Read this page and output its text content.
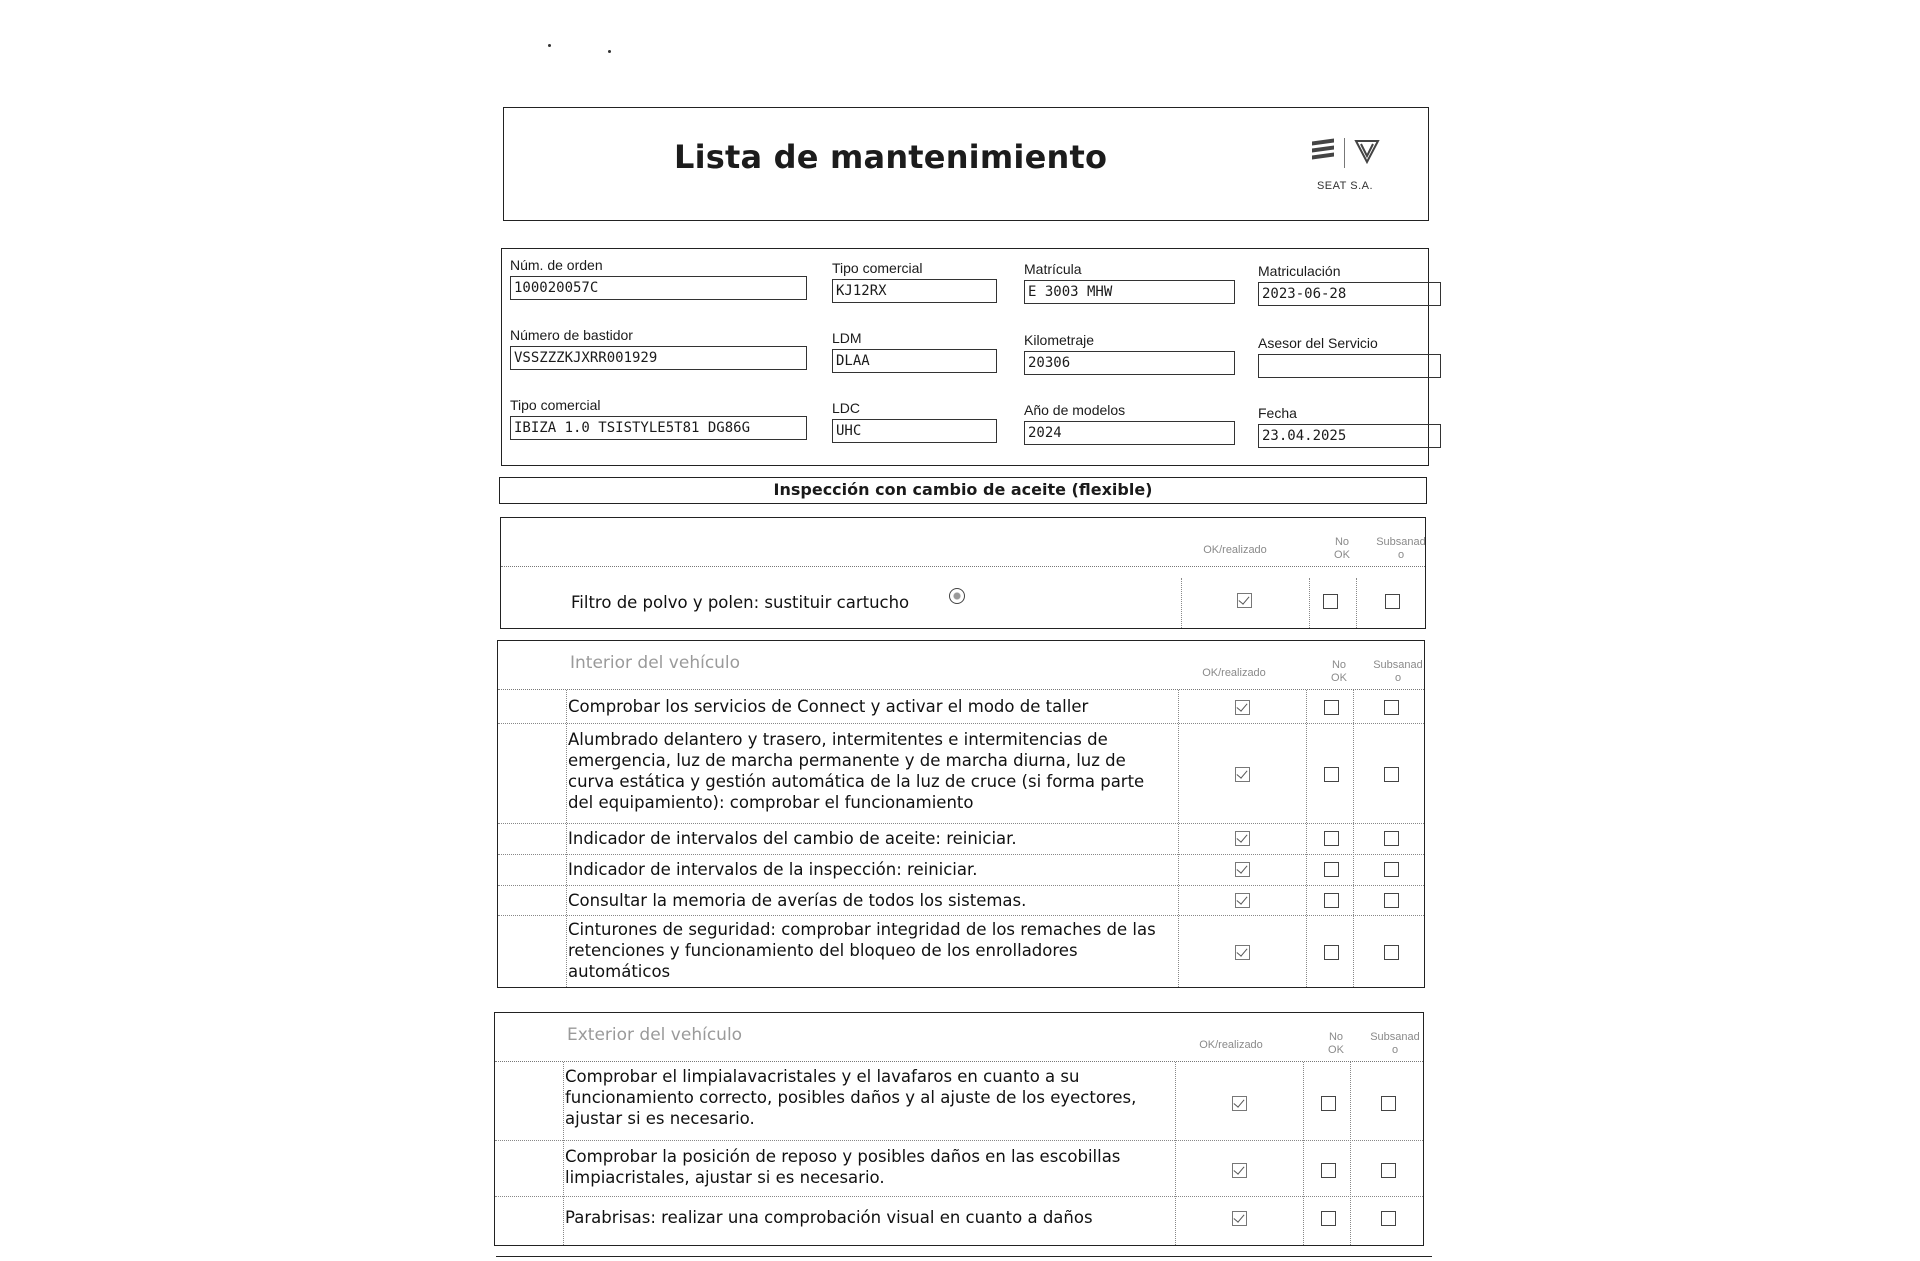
Lista de mantenimiento
SEAT S.A.
Núm. de orden
100020057C
Tipo comercial
KJ12RX
Matrícula
E 3003 MHW
Matriculación
2023-06-28
Número de bastidor
VSSZZZKJXRR001929
LDM
DLAA
Kilometraje
20306
Asesor del Servicio
Tipo comercial
IBIZA 1.0 TSISTYLE5T81 DG86G
LDC
UHC
Año de modelos
2024
Fecha
23.04.2025
Inspección con cambio de aceite (flexible)
OK/realizado
No OK
Subsanad o
Filtro de polvo y polen: sustituir cartucho
Interior del vehículo	OK/realizado
No OK
Subsanad o
Comprobar los servicios de Connect y activar el modo de taller
Alumbrado delantero y trasero, intermitentes e intermitencias de emergencia, luz de marcha permanente y de marcha diurna, luz de curva estática y gestión automática de la luz de cruce (si forma parte del equipamiento): comprobar el funcionamiento
Indicador de intervalos del cambio de aceite: reiniciar.
Indicador de intervalos de la inspección: reiniciar.
Consultar la memoria de averías de todos los sistemas.
Cinturones de seguridad: comprobar integridad de los remaches de las retenciones y funcionamiento del bloqueo de los enrolladores automáticos
Exterior del vehículo	OK/realizado
No OK
Subsanad o
Comprobar el limpialavacristales y el lavafaros en cuanto a su funcionamiento correcto, posibles daños y al ajuste de los eyectores, ajustar si es necesario.
Comprobar la posición de reposo y posibles daños en las escobillas limpiacristales, ajustar si es necesario.
Parabrisas: realizar una comprobación visual en cuanto a daños
